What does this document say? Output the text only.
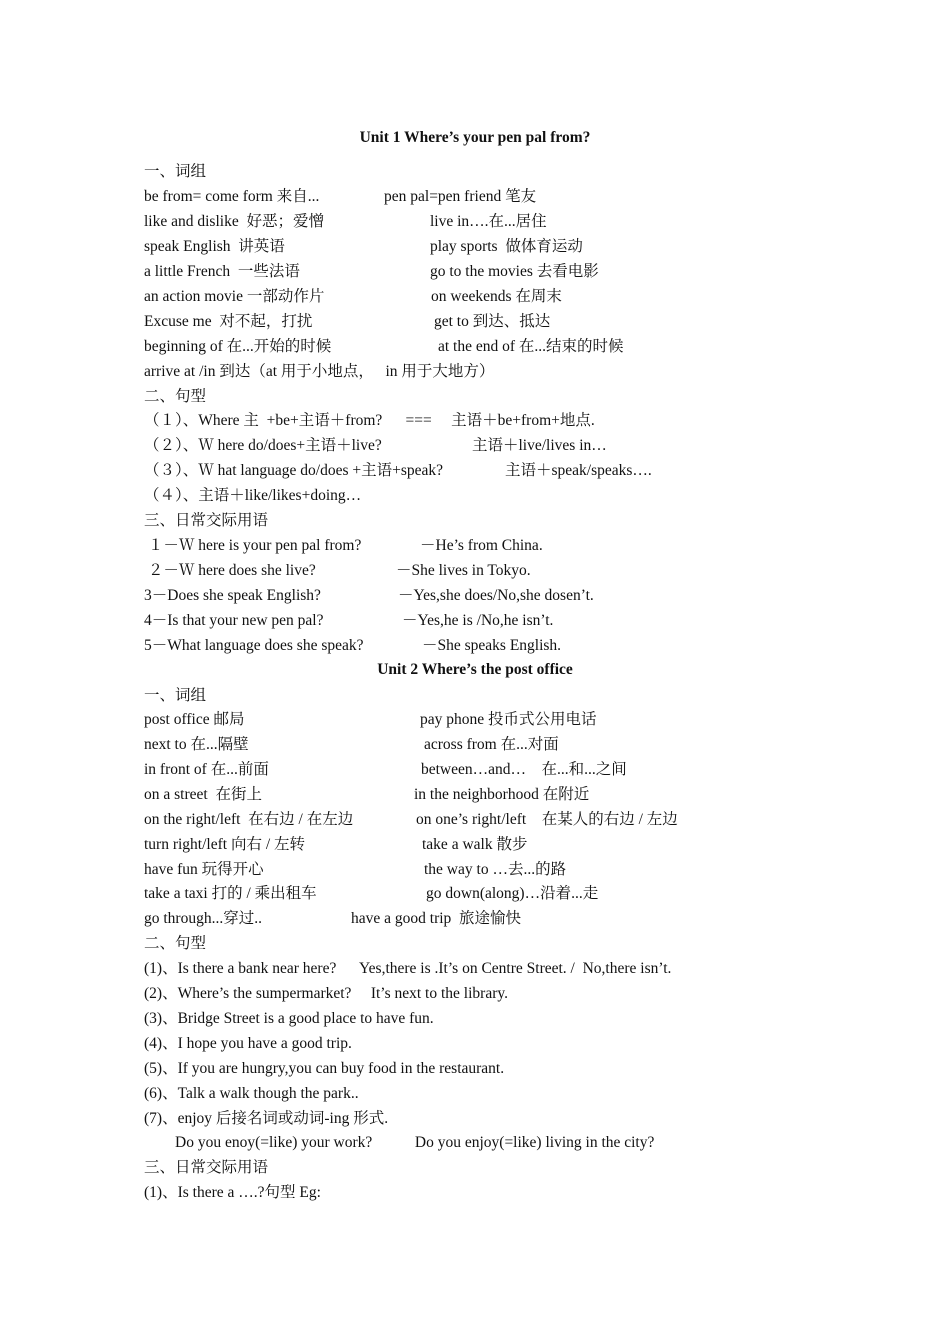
Unit 1 Where’s your pen pal from?
一、词组
be from= come form 来自...	pen pal=pen friend 笔友
like and dislike  好恶；爱憎	live in….在...居住
speak English  讲英语	play sports  做体育运动
a little French  一些法语	go to the movies 去看电影
an action movie 一部动作片	on weekends 在周末
Excuse me  对不起，打扰	get to 到达、抵达
beginning of 在...开始的时候	at the end of 在...结束的时候
arrive at /in 到达（at 用于小地点，   in 用于大地方）
二、句型
（１）、Where 主  +be+主语＋from?      ===     主语＋be+from+地点.
（２）、Ｗ here do/does+主语＋live?	主语＋live/lives in…
（３）、Ｗ hat language do/does +主语+speak?	主语＋speak/speaks….
（４）、主语＋like/likes+doing…
三、日常交际用语
１－Ｗ here is your pen pal from?	－He’s from China.
２－Ｗ here does she live?	－She lives in Tokyo.
3－Does she speak English?	－Yes,she does/No,she dosen’t.
4－Is that your new pen pal?	－Yes,he is /No,he isn’t.
5－What language does she speak?	－She speaks English.
Unit 2 Where’s the post office
一、词组
post office 邮局	pay phone 投币式公用电话
next to 在...隔壁	across from 在...对面
in front of 在...前面	between…and…    在...和...之间
on a street  在街上	in the neighborhood 在附近
on the right/left  在右边 / 在左边	on one’s right/left    在某人的右边 / 左边
turn right/left 向右 / 左转	take a walk 散步
have fun 玩得开心	the way to …去...的路
take a taxi 打的 / 乘出租车	go down(along)…沿着...走
go through...穿过..	have a good trip  旅途愉快
二、句型
(1)、Is there a bank near here?      Yes,there is .It’s on Centre Street. /  No,there isn’t.
(2)、Where’s the sumpermarket?     It’s next to the library.
(3)、Bridge Street is a good place to have fun.
(4)、I hope you have a good trip.
(5)、If you are hungry,you can buy food in the restaurant.
(6)、Talk a walk though the park..
(7)、enjoy 后接名词或动词-ing 形式.
Do you enoy(=like) your work?           Do you enjoy(=like) living in the city?
三、日常交际用语
(1)、Is there a ….?句型 Eg:
